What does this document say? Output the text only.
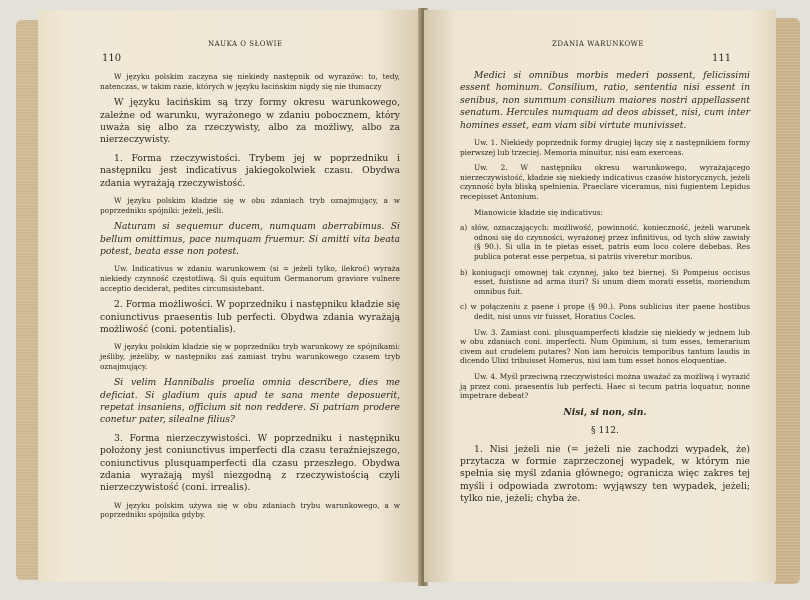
110
NAUKA O SŁOWIE

W języku polskim zaczyna się niekiedy następnik od wyrazów: to, tedy, natenczas, w takim razie, których w języku łacińskim nigdy się nie tłumaczy

W języku łacińskim są trzy formy okresu warunkowego, zależne od warunku, wyrażonego w zdaniu pobocznem, który uważa się albo za rzeczywisty, albo za możliwy, albo za nierzeczywisty.

1. Forma rzeczywistości. Trybem jej w poprzedniku i następniku jest indicativus jakiegokolwiek czasu. Obydwa zdania wyrażają rzeczywistość.

W języku polskim kładzie się w obu zdaniach tryb oznajmujący, a w poprzedniku spójniki: jeżeli, jeśli.

Naturam si sequemur ducem, numquam aberrabimus. Si bellum omittimus, pace numquam fruemur. Si amitti vita beata potest, beata esse non potest.

Uw. Indicativus w zdaniu warunkowem (si = jeżeli tylko, ilekroć) wyraża niekiedy czynność częstotliwą. Si quis equitum Germanorum graviore vulnere acceptio deciderat, pedites circumsistebant.

2. Forma możliwości. W poprzedniku i następniku kładzie się coniunctivus praesentis lub perfecti. Obydwa zdania wyrażają możliwość (coni. potentialis).

W języku polskim kładzie się w poprzedniku tryb warunkowy ze spójnikami: jeśliby, jeżeliby, w następniku zaś zamiast trybu warunkowego czasem tryb oznajmujący.

Si velim Hannibalis proelia omnia describere, dies me deficiat. Si gladium quis apud te sana mente deposuerit, repetat insaniens, officium sit non reddere. Si patriam prodere conetur pater, silealne filius?

3. Forma nierzeczywistości. W poprzedniku i następniku położony jest coniunctivus imperfecti dla czasu teraźniejszego, coniunctivus plusquamperfecti dla czasu przeszłego. Obydwa zdania wyrażają myśl niezgodną z rzeczywistością czyli nierzeczywistość (coni. irrealis).

W języku polskim używa się w obu zdaniach trybu warunkowego, a w poprzedniku spójnika gdyby.

ZDANIA WARUNKOWE
111

Medici si omnibus morbis mederi possent, felicissimi essent hominum. Consilium, ratio, sententia nisi essent in senibus, non summum consilium maiores nostri appellassent senatum. Hercules numquam ad deos abisset, nisi, cum inter homines esset, eam viam sibi virtute munivisset.

Uw. 1. Niekiedy poprzednik formy drugiej łączy się z następnikiem formy pierwszej lub trzeciej. Memoria minuitur, nisi eam exerceas.

Uw. 2. W następniku okresu warunkowego, wyrażającego nierzeczywistość, kładzie się niekiedy indicativus czasów historycznych, jeżeli czynność była bliską spełnienia. Praeclare viceramus, nisi fugientem Lepidus recepisset Antonium.

Mianowicie kładzie się indicativus:

a) słów, oznaczających: możliwość, powinność, konieczność, jeżeli warunek odnosi się do czynności, wyrażonej przez infinitivus, od tych słów zawisły (§ 90.). Si ulla in te pietas esset, patris eum loco colere debebas. Res publica poterat esse perpetua, si patriis viveretur moribus.

b) koniugacji omownej tak czynnej, jako też biernej. Si Pompeius occisus esset, fuistisne ad arma ituri? Si unum diem morati essetis, moriendum omnibus fuit.

c) w połączeniu z paene i prope (§ 90.). Pons sublicius iter paene hostibus dedit, nisi unus vir fuisset, Horatius Cocles.

Uw. 3. Zamiast coni. plusquamperfecti kładzie się niekiedy w jednem lub w obu zdaniach coni. imperfecti. Num Opimium, si tum esses, temerarium civem aut crudelem putares? Non iam heroicis temporibus tantum laudis in dicendo Ulixi tribuisset Homerus, nisi iam tum esset honos eloquentiae.

Uw. 4. Myśl przeciwną rzeczywistości można uważać za możliwą i wyrazić ją przez coni. praesentis lub perfecti. Haec si tecum patria loquatur, nonne impetrare debeat?

Nisi, si non, sin.

§ 112.

1. Nisi jeżeli nie (= jeżeli nie zachodzi wypadek, że) przytacza w formie zaprzeczonej wypadek, w którym nie spełnia się myśl zdania głównego; ogranicza więc zakres tej myśli i odpowiada zwrotom: wyjąwszy ten wypadek, jeżeli; tylko nie, jeżeli; chyba że.
